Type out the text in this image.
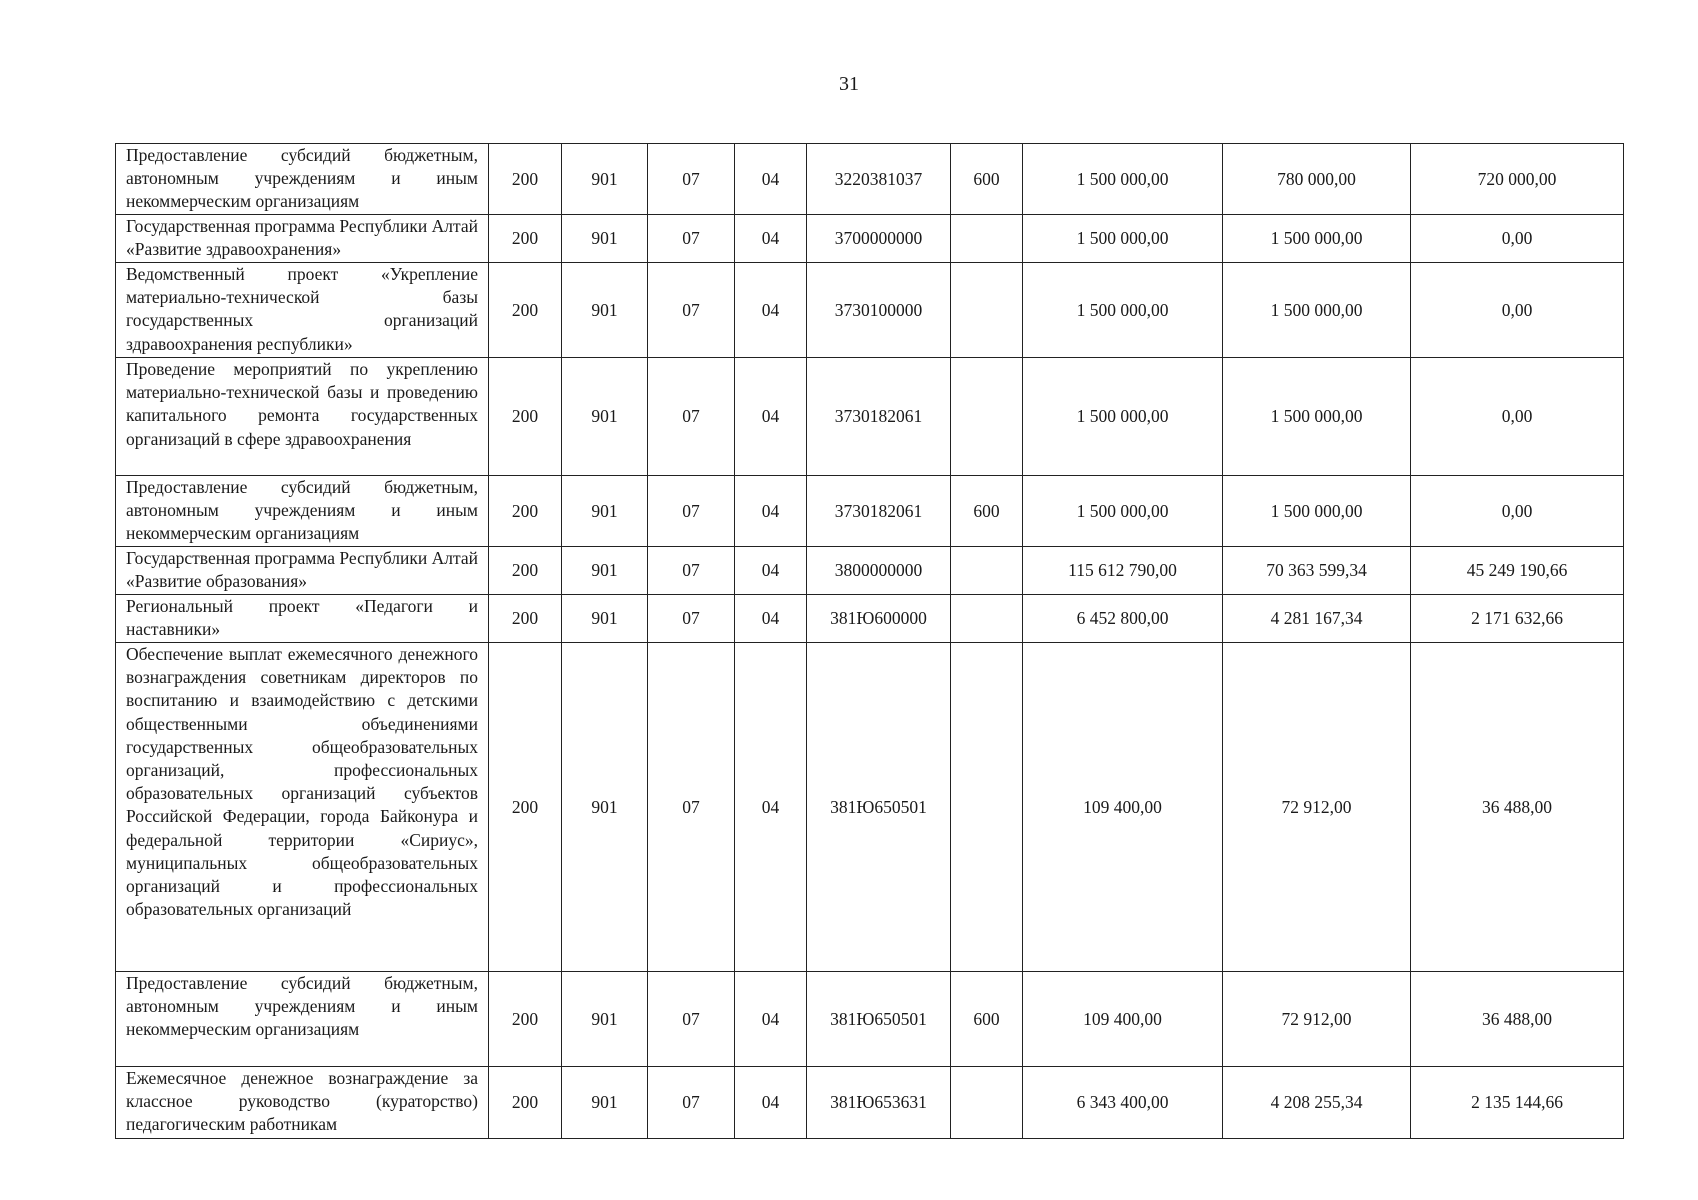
31
Предоставление субсидий бюджетным, автономным учреждениям и иным некоммерческим организациям	200	901	07	04	3220381037	600	1 500 000,00	780 000,00	720 000,00
Государственная программа Республики Алтай «Развитие здравоохранения»	200	901	07	04	3700000000		1 500 000,00	1 500 000,00	0,00
Ведомственный проект «Укрепление материально-технической базы государственных организаций здравоохранения республики»	200	901	07	04	3730100000		1 500 000,00	1 500 000,00	0,00
Проведение мероприятий по укреплению материально-технической базы и проведению капитального ремонта государственных организаций в сфере здравоохранения	200	901	07	04	3730182061		1 500 000,00	1 500 000,00	0,00
Предоставление субсидий бюджетным, автономным учреждениям и иным некоммерческим организациям	200	901	07	04	3730182061	600	1 500 000,00	1 500 000,00	0,00
Государственная программа Республики Алтай «Развитие образования»	200	901	07	04	3800000000		115 612 790,00	70 363 599,34	45 249 190,66
Региональный проект «Педагоги и наставники»	200	901	07	04	381Ю600000		6 452 800,00	4 281 167,34	2 171 632,66
Обеспечение выплат ежемесячного денежного вознаграждения советникам директоров по воспитанию и взаимодействию с детскими общественными объединениями государственных общеобразовательных организаций, профессиональных образовательных организаций субъектов Российской Федерации, города Байконура и федеральной территории «Сириус», муниципальных общеобразовательных организаций и профессиональных образовательных организаций	200	901	07	04	381Ю650501		109 400,00	72 912,00	36 488,00
Предоставление субсидий бюджетным, автономным учреждениям и иным некоммерческим организациям	200	901	07	04	381Ю650501	600	109 400,00	72 912,00	36 488,00
Ежемесячное денежное вознаграждение за классное руководство (кураторство) педагогическим работникам	200	901	07	04	381Ю653631		6 343 400,00	4 208 255,34	2 135 144,66
